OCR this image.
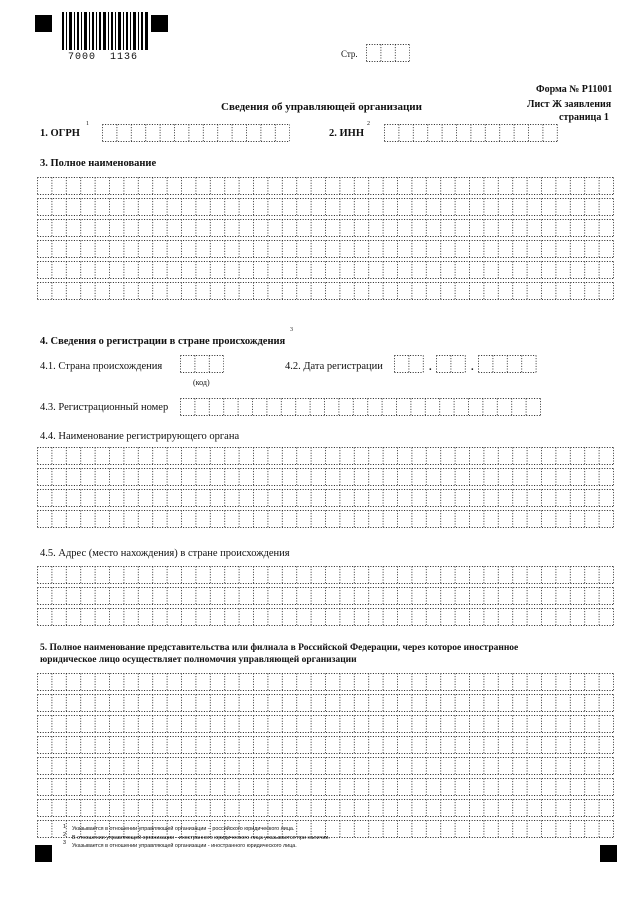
7000  1136	Стр.
Форма № Р11001
Лист Ж заявления
страница 1
Сведения об управляющей организации
1. ОГРН
1
2. ИНН
2
3. Полное наименование
4. Сведения о регистрации в стране происхождения
3
4.1. Страна происхождения
(код)
4.2. Дата регистрации	.	.
4.3. Регистрационный номер
4.4. Наименование регистрирующего органа
4.5. Адрес (место нахождения) в стране происхождения
5. Полное наименование представительства или филиала в Российской Федерации, через которое иностранное
юридическое лицо осуществляет полномочия управляющей организации
1 Указывается в отношении управляющей организации – российского юридического лица.
2 В отношении управляющей организации - иностранного юридического лица указывается при наличии.
3 Указывается в отношении управляющей организации - иностранного юридического лица.
